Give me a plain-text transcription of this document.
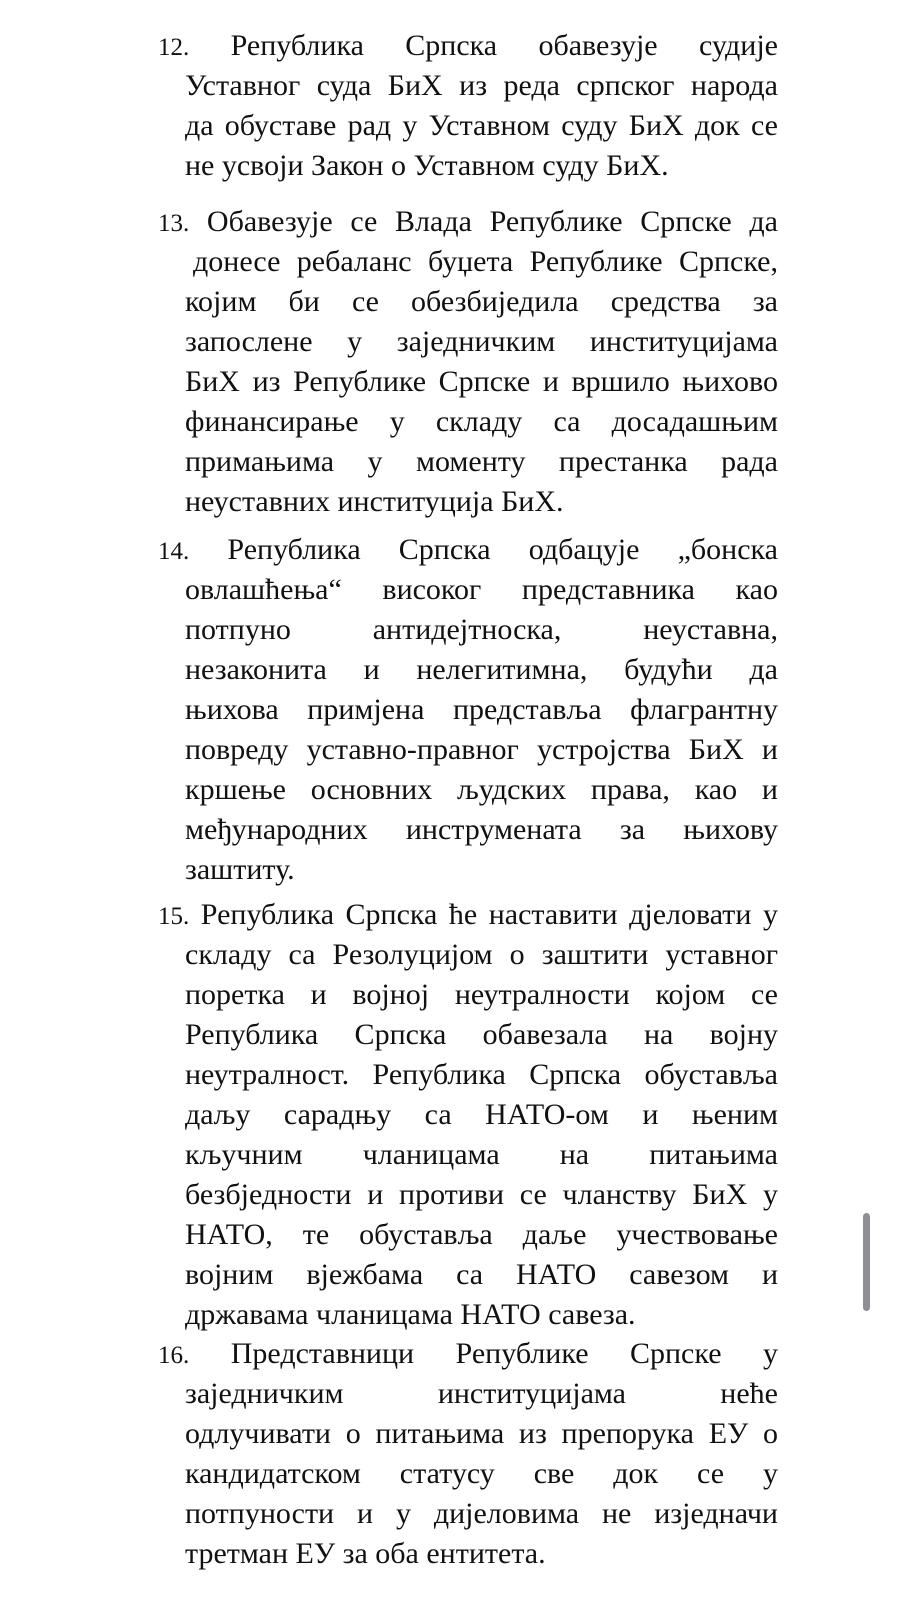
12. Република Српска обавезује судије
Уставног суда БиХ из реда српског народа
да обуставе рад у Уставном суду БиХ док се
не усвоји Закон о Уставном суду БиХ.
13. Обавезује се Влада Републике Српске да
донесе ребаланс буџета Републике Српске,
којим би се обезбиједила средства за
запослене у заједничким институцијама
БиХ из Републике Српске и вршило њихово
финансирање у складу са досадашњим
примањима у моменту престанка рада
неуставних институција БиХ.
14. Република Српска одбацује „бонска
овлашћења“ високог представника као
потпуно антидејтноска, неуставна,
незаконита и нелегитимна, будући да
њихова примјена представља флагрантну
повреду уставно-правног устројства БиХ и
кршење основних људских права, као и
међународних инструмената за њихову
заштиту.
15. Република Српска ће наставити дјеловати у
складу са Резолуцијом о заштити уставног
поретка и војној неутралности којом се
Република Српска обавезала на војну
неутралност. Република Српска обуставља
даљу сарадњу са НАТО-ом и њеним
кључним чланицама на питањима
безбједности и противи се чланству БиХ у
НАТО, те обуставља даље учествовање
војним вјежбама са НАТО савезом и
државама чланицама НАТО савеза.
16. Представници Републике Српске у
заједничким институцијама неће
одлучивати о питањима из препорука ЕУ о
кандидатском статусу све док се у
потпуности и у дијеловима не изједначи
третман ЕУ за оба ентитета.
